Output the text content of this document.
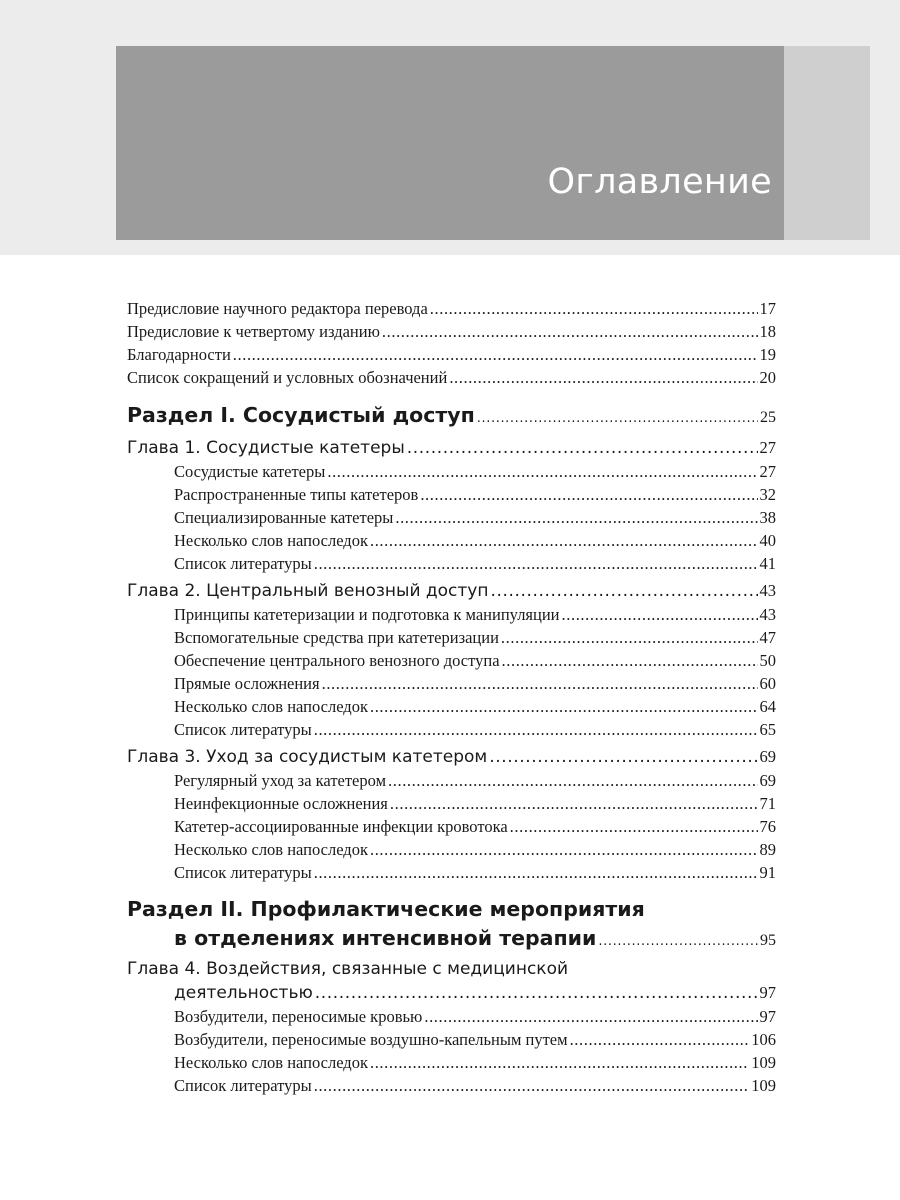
Оглавление
Предисловие научного редактора перевода .....	17
Предисловие к четвертому изданию .....	18
Благодарности .....	19
Список сокращений и условных обозначений .....	20
Раздел I. Сосудистый доступ .....	25
Глава 1. Сосудистые катетеры .....	27
Сосудистые катетеры .....	27
Распространенные типы катетеров .....	32
Специализированные катетеры .....	38
Несколько слов напоследок .....	40
Список литературы .....	41
Глава 2. Центральный венозный доступ .....	43
Принципы катетеризации и подготовка к манипуляции .....	43
Вспомогательные средства при катетеризации .....	47
Обеспечение центрального венозного доступа .....	50
Прямые осложнения .....	60
Несколько слов напоследок .....	64
Список литературы .....	65
Глава 3. Уход за сосудистым катетером .....	69
Регулярный уход за катетером .....	69
Неинфекционные осложнения .....	71
Катетер-ассоциированные инфекции кровотока .....	76
Несколько слов напоследок .....	89
Список литературы .....	91
Раздел II. Профилактические мероприятия
в отделениях интенсивной терапии .....	95
Глава 4. Воздействия, связанные с медицинской
деятельностью .....	97
Возбудители, переносимые кровью .....	97
Возбудители, переносимые воздушно-капельным путем .....	106
Несколько слов напоследок .....	109
Список литературы .....	109
